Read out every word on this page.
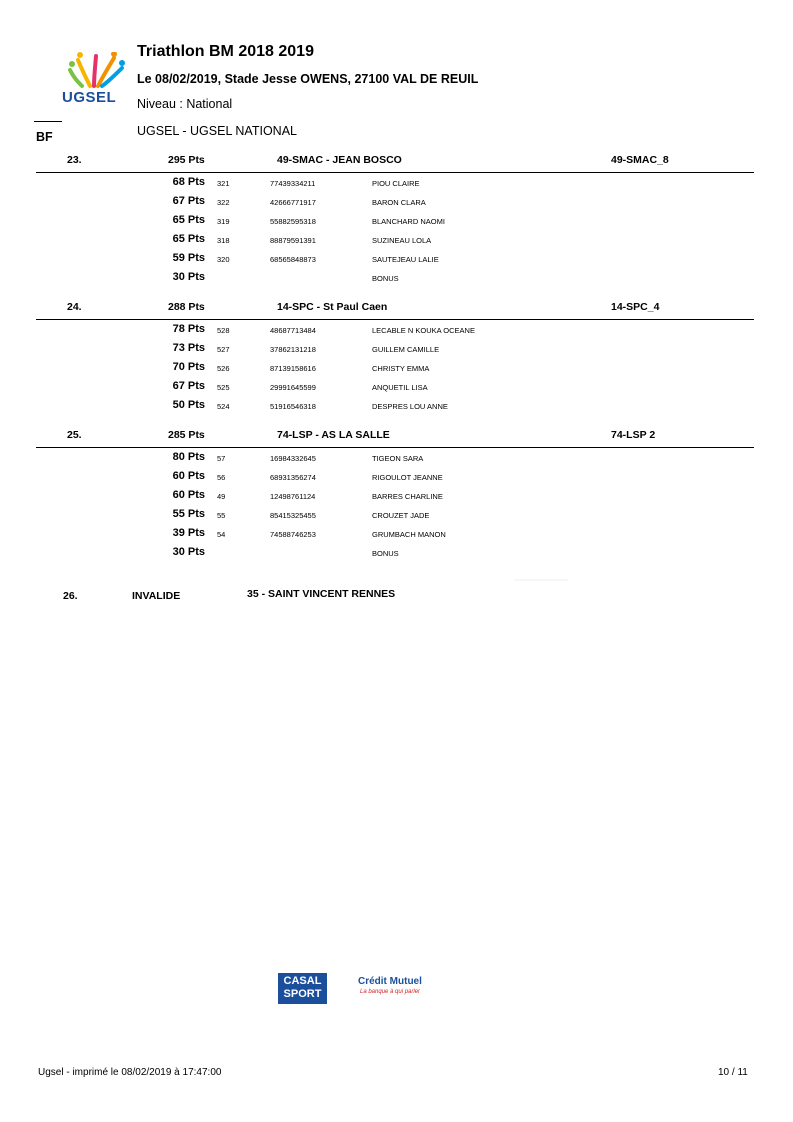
UGSEL
Triathlon BM 2018 2019
Le 08/02/2019, Stade Jesse OWENS, 27100 VAL DE REUIL
Niveau : National
BF	UGSEL - UGSEL NATIONAL
23.	295 Pts	49-SMAC - JEAN BOSCO	49-SMAC_8
68 Pts 321	77439334211	PIOU CLAIRE
67 Pts 322	42666771917	BARON CLARA
65 Pts 319	55882595318	BLANCHARD NAOMI
65 Pts 318	88879591391	SUZINEAU LOLA
59 Pts 320	68565848873	SAUTEJEAU LALIE
30 Pts	BONUS
24.	288 Pts	14-SPC - St Paul Caen	14-SPC_4
78 Pts 528	48687713484	LECABLE N KOUKA OCEANE
73 Pts 527	37862131218	GUILLEM CAMILLE
70 Pts 526	87139158616	CHRISTY EMMA
67 Pts 525	29991645599	ANQUETIL LISA
50 Pts 524	51916546318	DESPRES LOU ANNE
25.	285 Pts	74-LSP - AS LA SALLE	74-LSP 2
80 Pts 57	16984332645	TIGEON SARA
60 Pts 56	68931356274	RIGOULOT JEANNE
60 Pts 49	12498761124	BARRES CHARLINE
55 Pts 55	85415325455	CROUZET JADE
39 Pts 54	74588746253	GRUMBACH MANON
30 Pts	BONUS
26.	INVALIDE	35 - SAINT VINCENT RENNES
CASAL
SPORT
Crédit Mutuel
La banque à qui parler
Ugsel - imprimé le 08/02/2019 à 17:47:00	10 / 11
